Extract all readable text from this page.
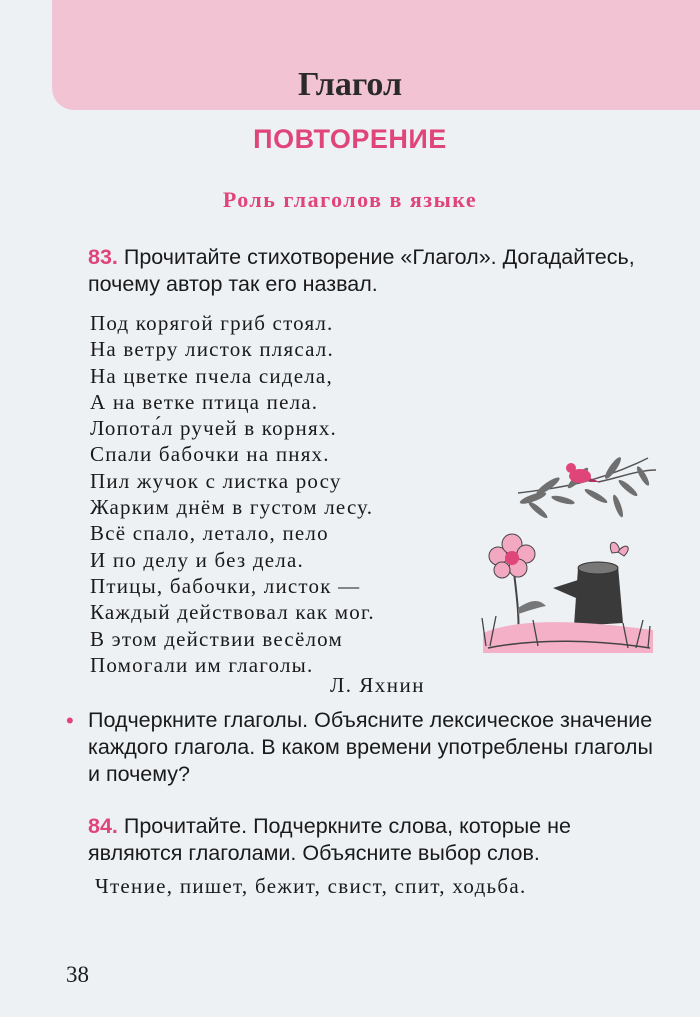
Глагол
ПОВТОРЕНИЕ
Роль глаголов в языке

83. Прочитайте стихотворение «Глагол». Догадайтесь, почему автор так его назвал.

Под корягой гриб стоял.
На ветру листок плясал.
На цветке пчела сидела,
А на ветке птица пела.
Лопота́л ручей в корнях.
Спали бабочки на пнях.
Пил жучок с листка росу
Жарким днём в густом лесу.
Всё спало, летало, пело
И по делу и без дела.
Птицы, бабочки, листок —
Каждый действовал как мог.
В этом действии весёлом
Помогали им глаголы.
Л. Яхнин
• Подчеркните глаголы. Объясните лексическое значение каждого глагола. В каком времени употреблены глаголы и почему?

84. Прочитайте. Подчеркните слова, которые не являются глаголами. Объясните выбор слов.

Чтение, пишет, бежит, свист, спит, ходьба.

38
